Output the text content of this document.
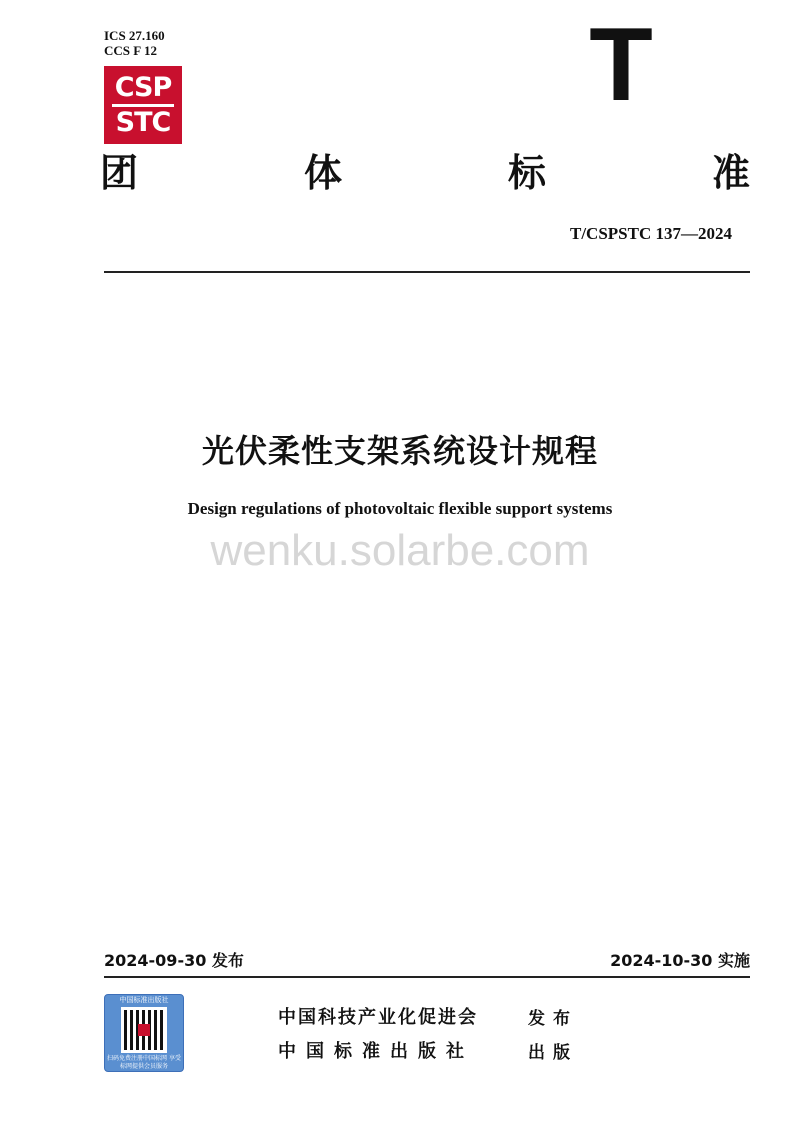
ICS 27.160
CCS F 12
CSP
STC	T
团	体	标	准
T/CSPSTC 137—2024
光伏柔性支架系统设计规程
Design regulations of photovoltaic flexible support systems
wenku.solarbe.com
2024-09-30 发布	2024-10-30 实施
中国标准出版社
扫码免费注册中国标网 享受标网提供会员服务
中国科技产业化促进会	发布
中国标准出版社	出版
